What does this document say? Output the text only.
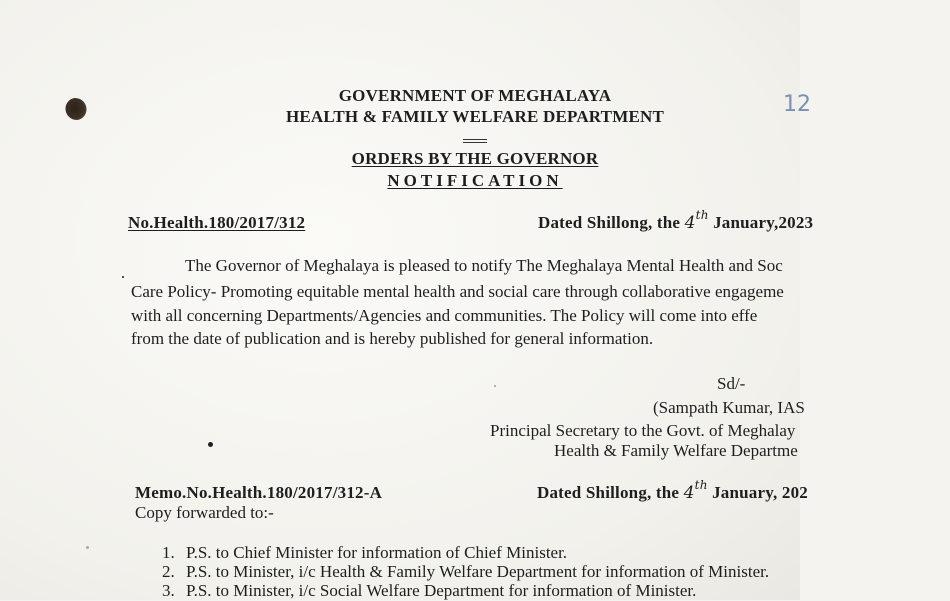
12
GOVERNMENT OF MEGHALAYA
HEALTH & FAMILY WELFARE DEPARTMENT
ORDERS BY THE GOVERNOR
NOTIFICATION
No.Health.180/2017/312	Dated Shillong, the 4th January,2023
The Governor of Meghalaya is pleased to notify The Meghalaya Mental Health and Soc
Care Policy- Promoting equitable mental health and social care through collaborative engageme
with all concerning Departments/Agencies and communities. The Policy will come into effe
from the date of publication and is hereby published for general information.
Sd/-
(Sampath Kumar, IAS
Principal Secretary to the Govt. of Meghalay
Health & Family Welfare Departme
Memo.No.Health.180/2017/312-A	Dated Shillong, the 4th January, 202
Copy forwarded to:-
1. P.S. to Chief Minister for information of Chief Minister.
2. P.S. to Minister, i/c Health & Family Welfare Department for information of Minister.
3. P.S. to Minister, i/c Social Welfare Department for information of Minister.
